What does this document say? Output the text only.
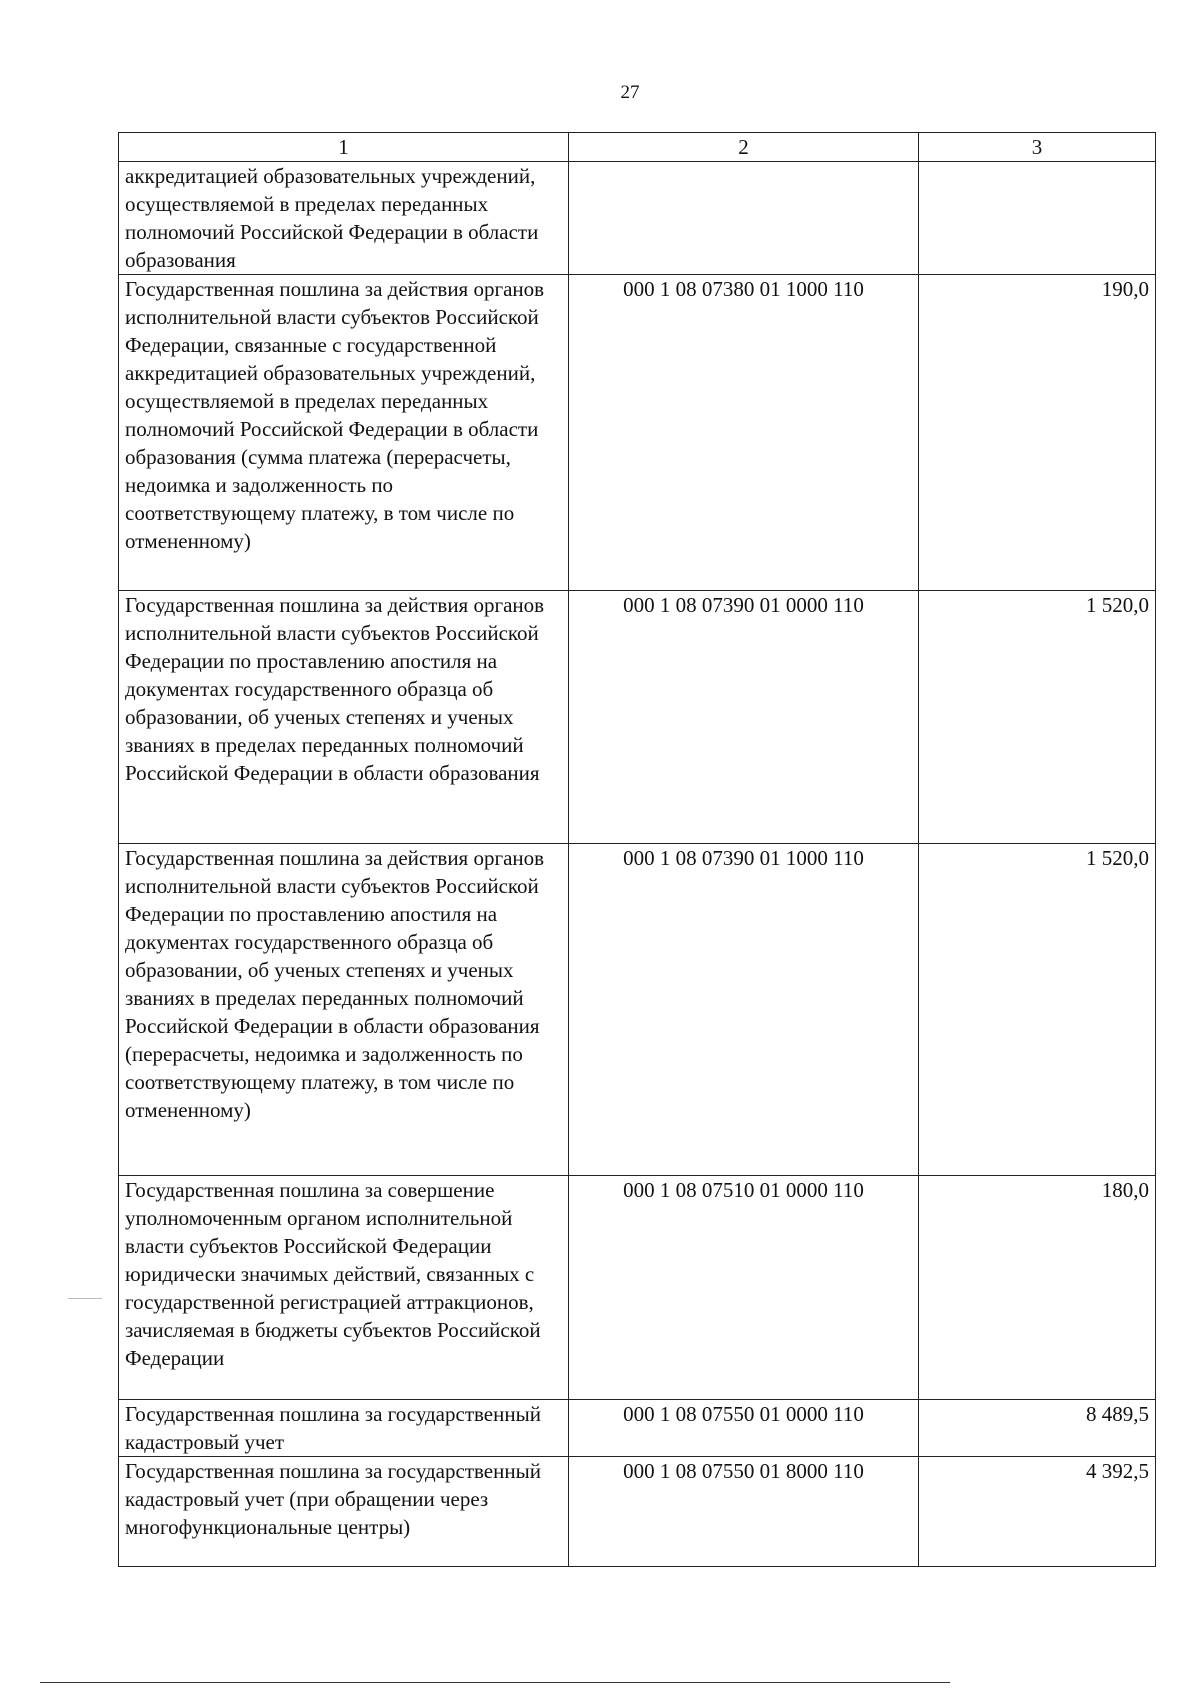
27
1	2	3
аккредитацией образовательных учреждений, осуществляемой в пределах переданных полномочий Российской Федерации в области образования		
Государственная пошлина за действия органов исполнительной власти субъектов Российской Федерации, связанные с государственной аккредитацией образовательных учреждений, осуществляемой в пределах переданных полномочий Российской Федерации в области образования (сумма платежа (перерасчеты, недоимка и задолженность по соответствующему платежу, в том числе по отмененному)	000 1 08 07380 01 1000 110	190,0
Государственная пошлина за действия органов исполнительной власти субъектов Российской Федерации по проставлению апостиля на документах государственного образца об образовании, об ученых степенях и ученых званиях в пределах переданных полномочий Российской Федерации в области образования	000 1 08 07390 01 0000 110	1 520,0
Государственная пошлина за действия органов исполнительной власти субъектов Российской Федерации по проставлению апостиля на документах государственного образца об образовании, об ученых степенях и ученых званиях в пределах переданных полномочий Российской Федерации в области образования (перерасчеты, недоимка и задолженность по соответствующему платежу, в том числе по отмененному)	000 1 08 07390 01 1000 110	1 520,0
Государственная пошлина за совершение уполномоченным органом исполнительной власти субъектов Российской Федерации юридически значимых действий, связанных с государственной регистрацией аттракционов, зачисляемая в бюджеты субъектов Российской Федерации	000 1 08 07510 01 0000 110	180,0
Государственная пошлина за государственный кадастровый учет	000 1 08 07550 01 0000 110	8 489,5
Государственная пошлина за государственный кадастровый учет (при обращении через многофункциональные центры)	000 1 08 07550 01 8000 110	4 392,5
